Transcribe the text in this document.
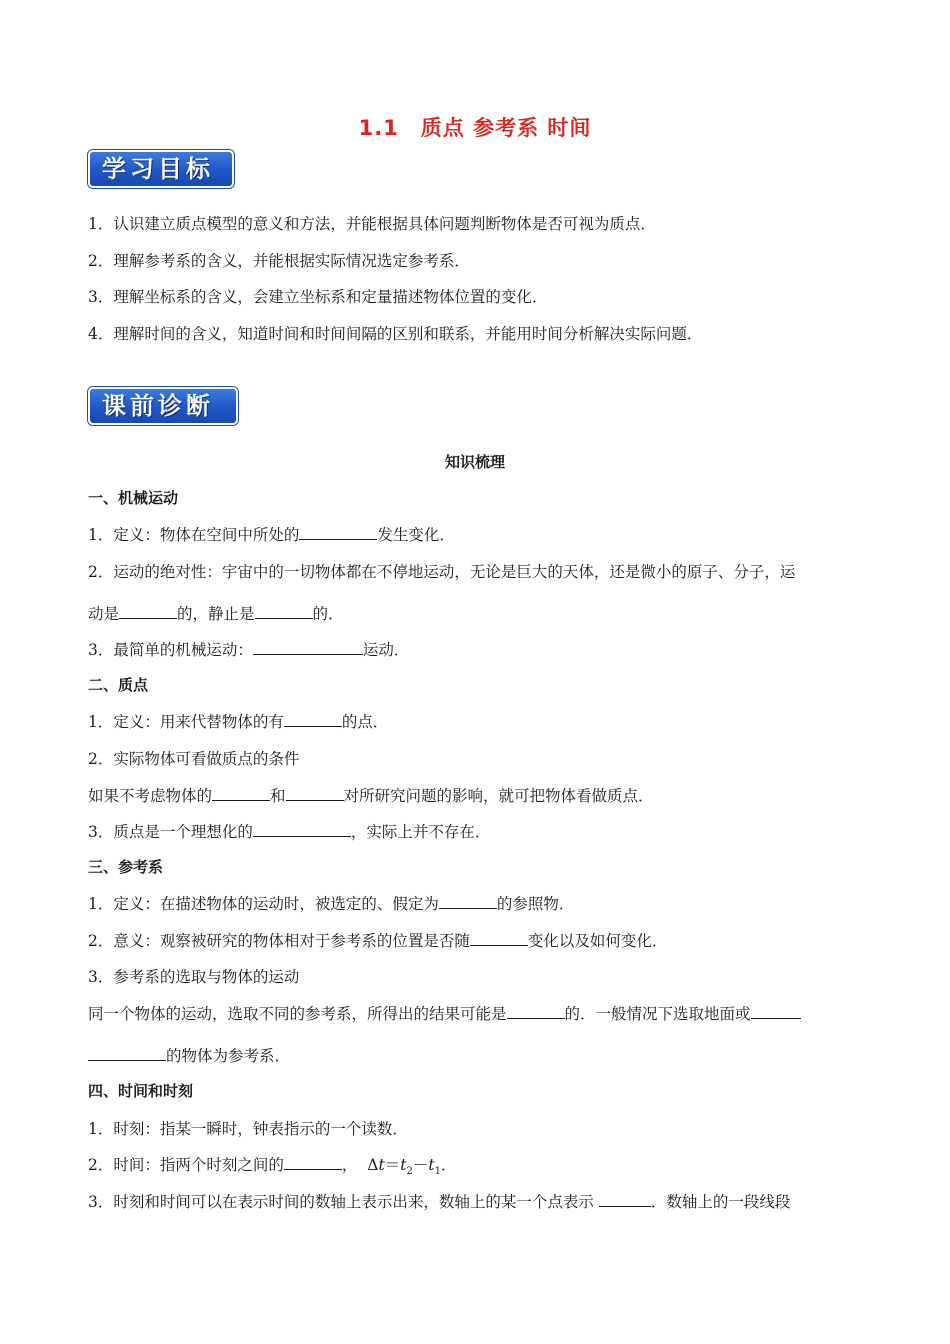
1.1　质点 参考系 时间
学习目标
1．认识建立质点模型的意义和方法，并能根据具体问题判断物体是否可视为质点．
2．理解参考系的含义，并能根据实际情况选定参考系．
3．理解坐标系的含义，会建立坐标系和定量描述物体位置的变化．
4．理解时间的含义，知道时间和时间间隔的区别和联系，并能用时间分析解决实际问题．
课前诊断
知识梳理
一、机械运动
1．定义：物体在空间中所处的	发生变化．
2．运动的绝对性：宇宙中的一切物体都在不停地运动，无论是巨大的天体，还是微小的原子、分子，运
动是	的，静止是	的．
3．最简单的机械运动：	运动．
二、质点
1．定义：用来代替物体的有	的点．
2．实际物体可看做质点的条件
如果不考虑物体的	和	对所研究问题的影响，就可把物体看做质点．
3．质点是一个理想化的	，实际上并不存在．
三、参考系
1．定义：在描述物体的运动时，被选定的、假定为	的参照物．
2．意义：观察被研究的物体相对于参考系的位置是否随	变化以及如何变化．
3．参考系的选取与物体的运动
同一个物体的运动，选取不同的参考系，所得出的结果可能是	的．一般情况下选取地面或
的物体为参考系．
四、时间和时刻
1．时刻：指某一瞬时，钟表指示的一个读数．
2．时间：指两个时刻之间的	， $\Delta t=t_2-t_1$．
3．时刻和时间可以在表示时间的数轴上表示出来，数轴上的某一个点表示	．数轴上的一段线段
